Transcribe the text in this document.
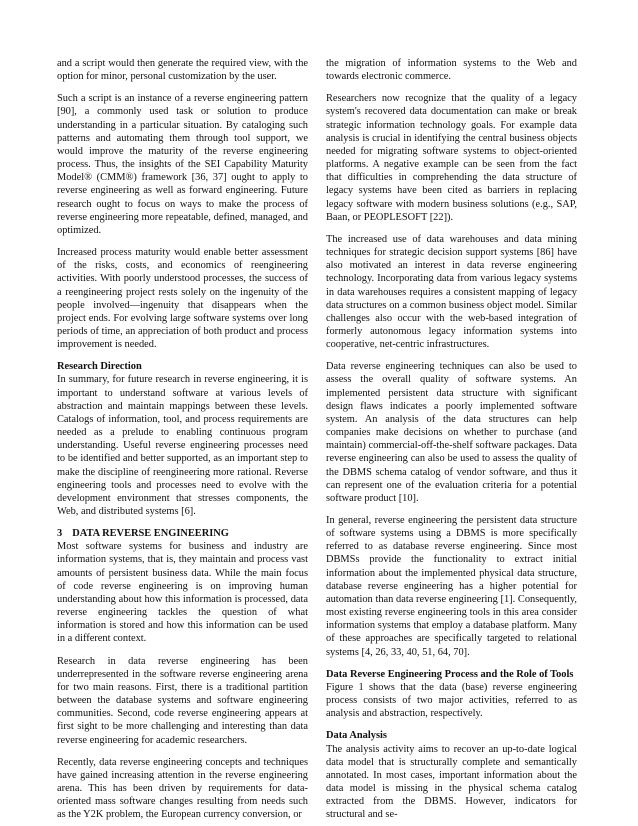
and a script would then generate the required view, with the option for minor, personal customization by the user.

Such a script is an instance of a reverse engineering pattern [90], a commonly used task or solution to produce understanding in a particular situation. By cataloging such patterns and automating them through tool support, we would improve the maturity of the reverse engineering process. Thus, the insights of the SEI Capability Maturity Model® (CMM®) framework [36, 37] ought to apply to reverse engineering as well as forward engineering. Future research ought to focus on ways to make the process of reverse engineering more repeatable, defined, managed, and optimized.

Increased process maturity would enable better assessment of the risks, costs, and economics of reengineering activities. With poorly understood processes, the success of a reengineering project rests solely on the ingenuity of the people involved—ingenuity that disappears when the project ends. For evolving large software systems over long periods of time, an appreciation of both product and process improvement is needed.

Research Direction

In summary, for future research in reverse engineering, it is important to understand software at various levels of abstraction and maintain mappings between these levels. Catalogs of information, tool, and process requirements are needed as a prelude to enabling continuous program understanding. Useful reverse engineering processes need to be identified and better supported, as an important step to make the discipline of reengineering more rational. Reverse engineering tools and processes need to evolve with the development environment that stresses components, the Web, and distributed systems [6].

3 DATA REVERSE ENGINEERING

Most software systems for business and industry are information systems, that is, they maintain and process vast amounts of persistent business data. While the main focus of code reverse engineering is on improving human understanding about how this information is processed, data reverse engineering tackles the question of what information is stored and how this information can be used in a different context.

Research in data reverse engineering has been underrepresented in the software reverse engineering arena for two main reasons. First, there is a traditional partition between the database systems and software engineering communities. Second, code reverse engineering appears at first sight to be more challenging and interesting than data reverse engineering for academic researchers.

Recently, data reverse engineering concepts and techniques have gained increasing attention in the reverse engineering arena. This has been driven by requirements for data-oriented mass software changes resulting from needs such as the Y2K problem, the European currency conversion, or

the migration of information systems to the Web and towards electronic commerce.

Researchers now recognize that the quality of a legacy system's recovered data documentation can make or break strategic information technology goals. For example data analysis is crucial in identifying the central business objects needed for migrating software systems to object-oriented platforms. A negative example can be seen from the fact that difficulties in comprehending the data structure of legacy systems have been cited as barriers in replacing legacy software with modern business solutions (e.g., SAP, Baan, or PEOPLESOFT [22]).

The increased use of data warehouses and data mining techniques for strategic decision support systems [86] have also motivated an interest in data reverse engineering technology. Incorporating data from various legacy systems in data warehouses requires a consistent mapping of legacy data structures on a common business object model. Similar challenges also occur with the web-based integration of formerly autonomous legacy information systems into cooperative, net-centric infrastructures.

Data reverse engineering techniques can also be used to assess the overall quality of software systems. An implemented persistent data structure with significant design flaws indicates a poorly implemented software system. An analysis of the data structures can help companies make decisions on whether to purchase (and maintain) commercial-off-the-shelf software packages. Data reverse engineering can also be used to assess the quality of the DBMS schema catalog of vendor software, and thus it can represent one of the evaluation criteria for a potential software product [10].

In general, reverse engineering the persistent data structure of software systems using a DBMS is more specifically referred to as database reverse engineering. Since most DBMSs provide the functionality to extract initial information about the implemented physical data structure, database reverse engineering has a higher potential for automation than data reverse engineering [1]. Consequently, most existing reverse engineering tools in this area consider information systems that employ a database platform. Many of these approaches are specifically targeted to relational systems [4, 26, 33, 40, 51, 64, 70].

Data Reverse Engineering Process and the Role of Tools

Figure 1 shows that the data (base) reverse engineering process consists of two major activities, referred to as analysis and abstraction, respectively.

Data Analysis

The analysis activity aims to recover an up-to-date logical data model that is structurally complete and semantically annotated. In most cases, important information about the data model is missing in the physical schema catalog extracted from the DBMS. However, indicators for structural and se-
